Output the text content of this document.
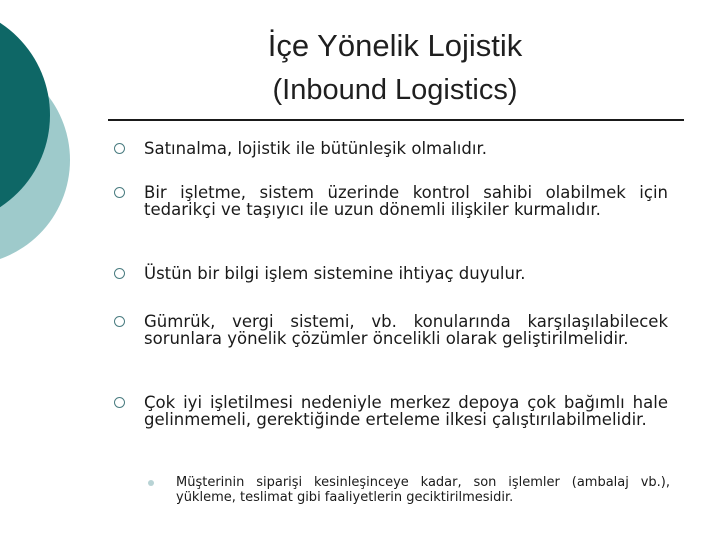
İçe Yönelik Lojistik
(Inbound Logistics)
Satınalma, lojistik ile bütünleşik olmalıdır.
Bir işletme, sistem üzerinde kontrol sahibi olabilmek için tedarikçi ve taşıyıcı ile uzun dönemli ilişkiler kurmalıdır.
Üstün bir bilgi işlem sistemine ihtiyaç duyulur.
Gümrük, vergi sistemi, vb. konularında karşılaşılabilecek sorunlara yönelik çözümler öncelikli olarak geliştirilmelidir.
Çok iyi işletilmesi nedeniyle merkez depoya çok bağımlı hale gelinmemeli, gerektiğinde erteleme ilkesi çalıştırılabilmelidir.
Müşterinin siparişi kesinleşinceye kadar, son işlemler (ambalaj vb.), yükleme, teslimat gibi faaliyetlerin geciktirilmesidir.
